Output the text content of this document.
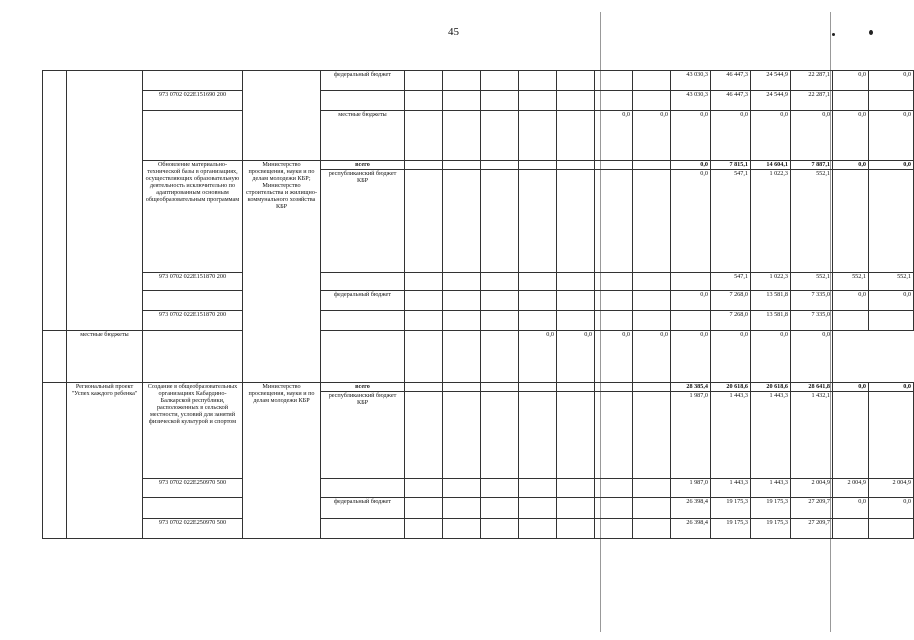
45
				федеральный бюджет								43 030,3	46 447,3	24 544,9	22 287,1	0,0	0,0
		973 0702 022E151690 200										43 030,3	46 447,3	24 544,9	22 287,1		
				местные бюджеты						0,0	0,0	0,0	0,0	0,0	0,0	0,0	0,0
		Обновление материально-технической базы в организациях, осуществляющих образовательную деятельность исключительно по адаптированным основным общеобразовательным программам	Министерство просвещения, науки и по делам молодежи КБР; Министерство строительства и жилищно-коммунального хозяйства КБР	всего								0,0	7 815,1	14 604,1	7 887,1	0,0	0,0
				республиканский бюджет КБР								0,0	547,1	1 022,3	552,1		
		973 0702 022E151870 200											547,1	1 022,3	552,1	552,1	552,1
				федеральный бюджет								0,0	7 268,0	13 581,8	7 335,0	0,0	0,0
		973 0702 022E151870 200											7 268,0	13 581,8	7 335,0		
	местные бюджеты							0,0	0,0	0,0	0,0	0,0	0,0	0,0	0,0		
	Региональный проект "Успех каждого ребенка"	Создание в общеобразовательных организациях Кабардино-Балкарской республики, расположенных в сельской местности, условий для занятий физической культурой и спортом	Министерство просвещения, науки и по делам молодежи КБР	всего								28 385,4	20 618,6	20 618,6	28 641,8	0,0	0,0
				республиканский бюджет КБР								1 987,0	1 443,3	1 443,3	1 432,1		
		973 0702 022E250970 500										1 987,0	1 443,3	1 443,3	2 004,9	2 004,9	2 004,9
				федеральный бюджет								26 398,4	19 175,3	19 175,3	27 209,7	0,0	0,0
		973 0702 022E250970 500										26 398,4	19 175,3	19 175,3	27 209,7		
